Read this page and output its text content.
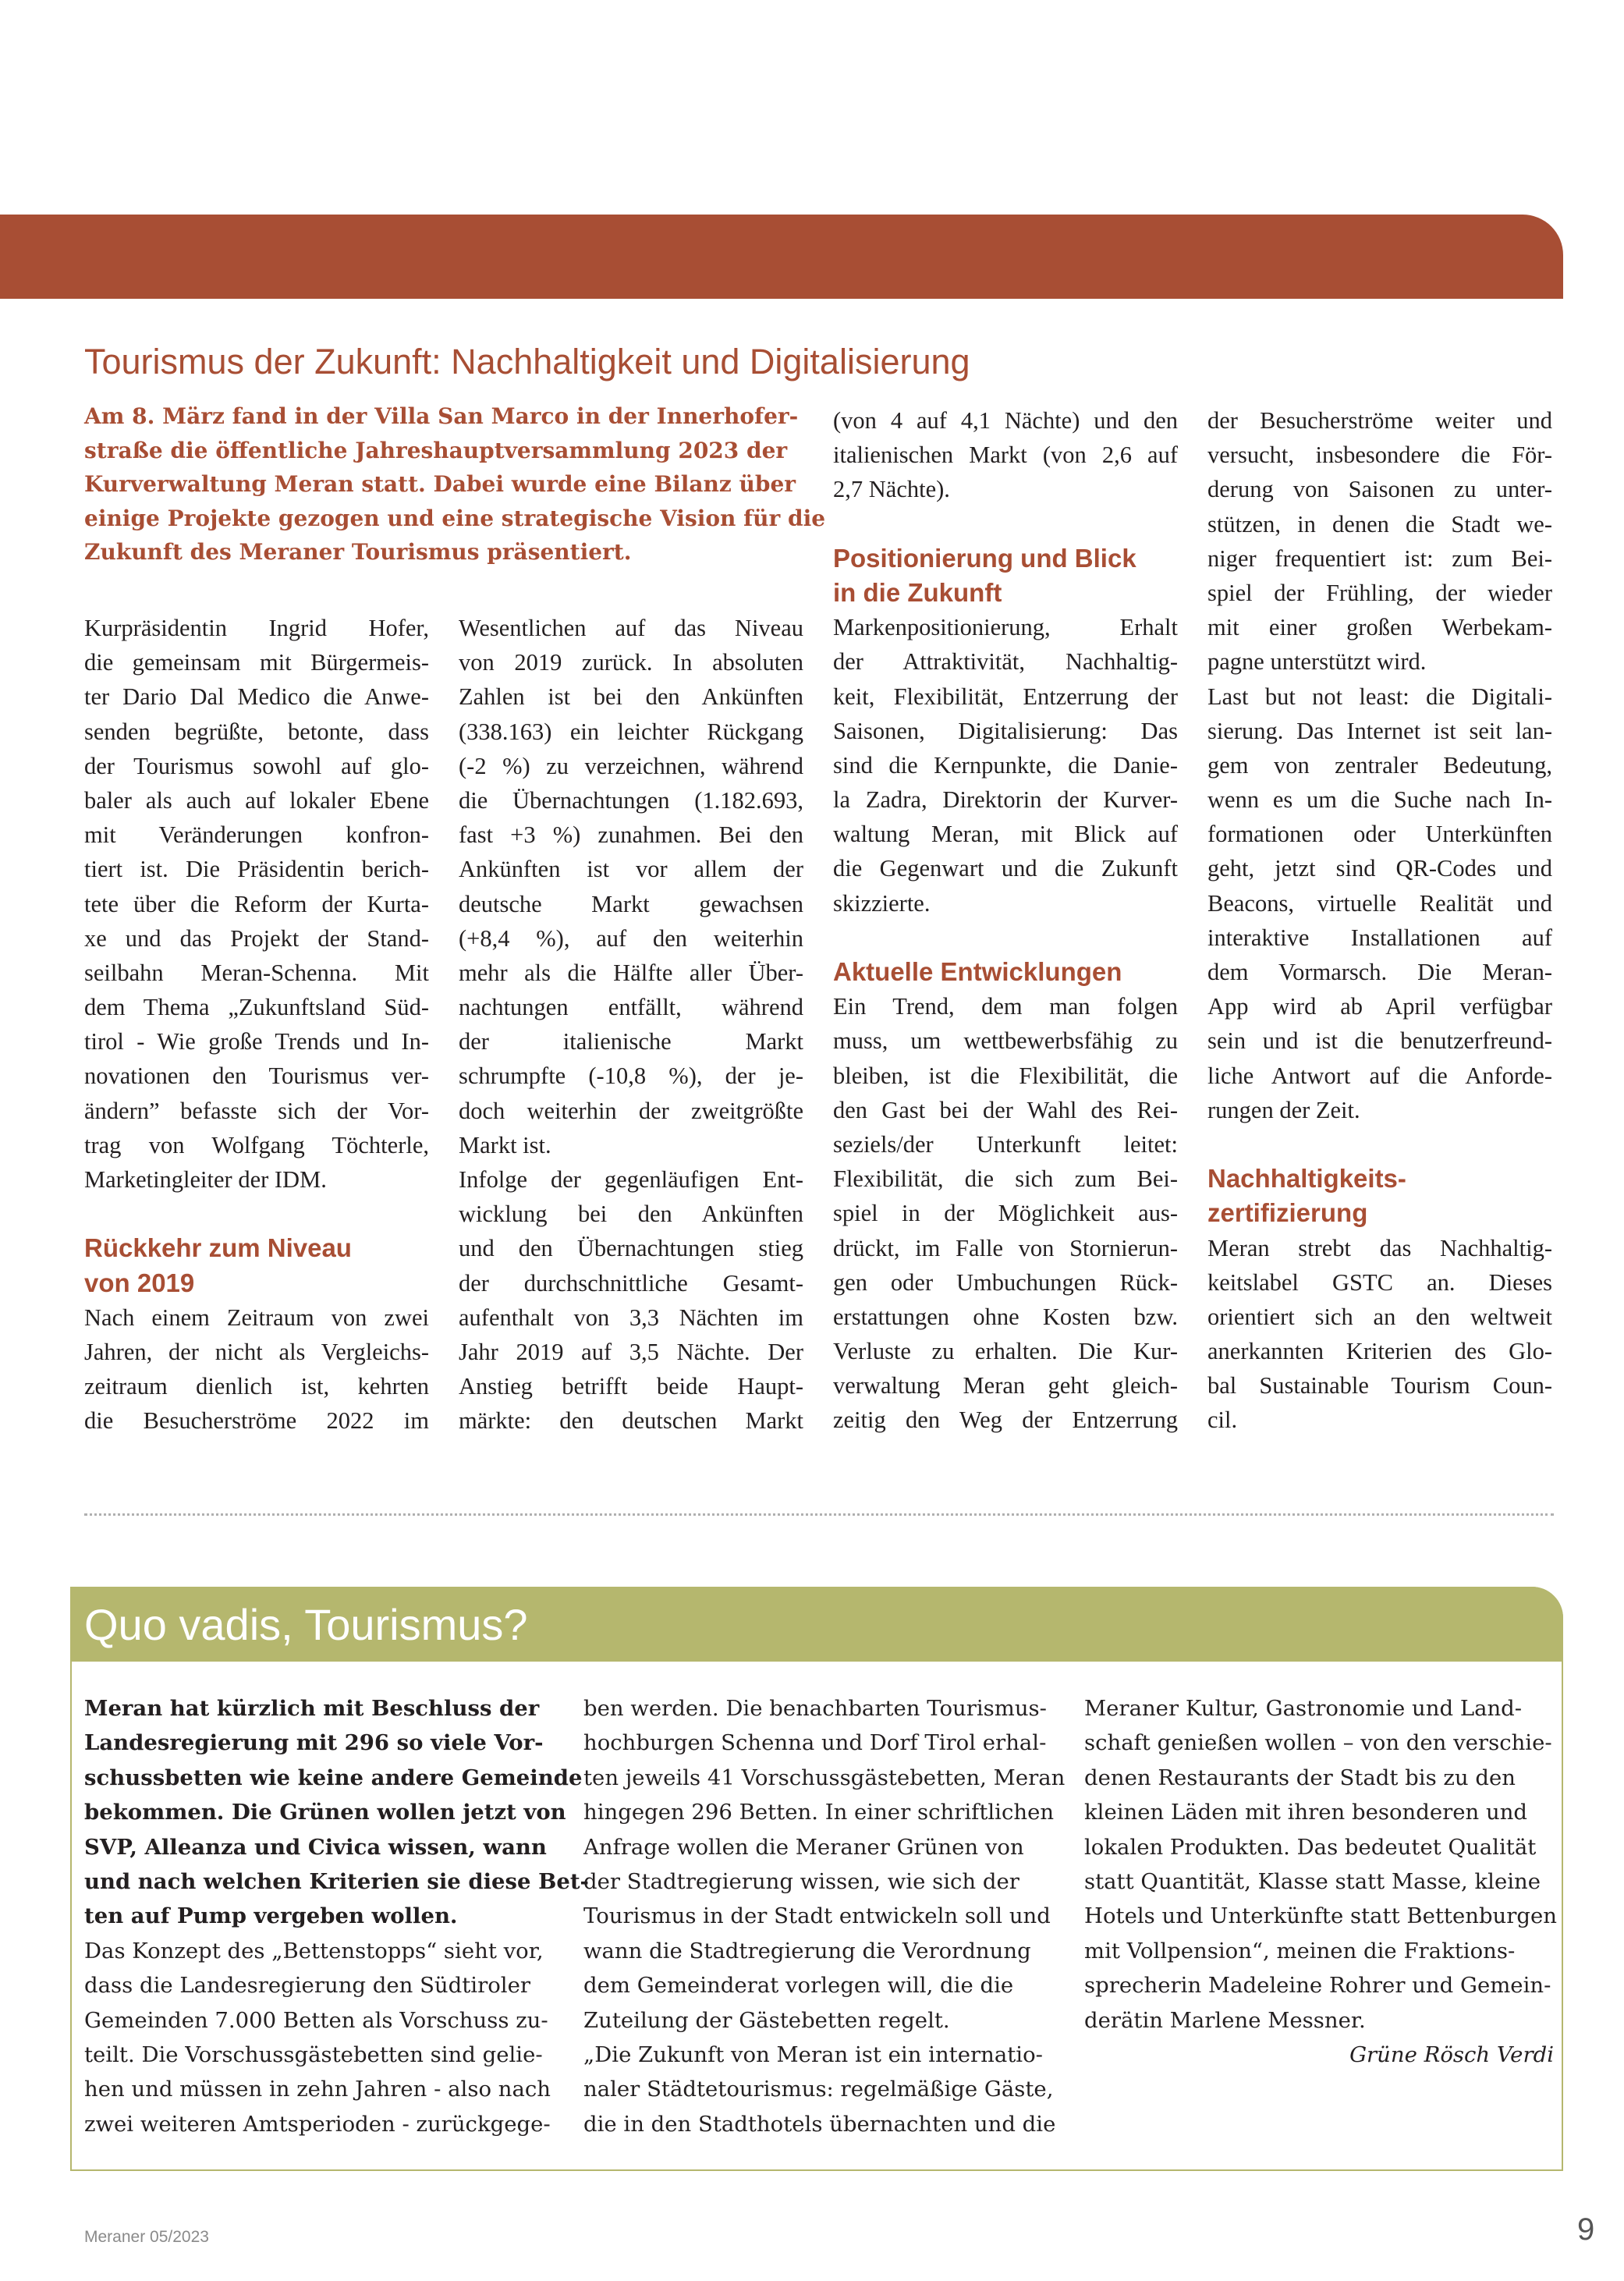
Tourismus der Zukunft: Nachhaltigkeit und Digitalisierung
Am 8. März fand in der Villa San Marco in der Innerhofer-
straße die öffentliche Jahreshauptversammlung 2023 der
Kurverwaltung Meran statt. Dabei wurde eine Bilanz über
einige Projekte gezogen und eine strategische Vision für die
Zukunft des Meraner Tourismus präsentiert.
Kurpräsidentin Ingrid Hofer,
die gemeinsam mit Bürgermeis-
ter Dario Dal Medico die Anwe-
senden begrüßte, betonte, dass
der Tourismus sowohl auf glo-
baler als auch auf lokaler Ebene
mit Veränderungen konfron-
tiert ist. Die Präsidentin berich-
tete über die Reform der Kurta-
xe und das Projekt der Stand-
seilbahn Meran-Schenna. Mit
dem Thema „Zukunftsland Süd-
tirol - Wie große Trends und In-
novationen den Tourismus ver-
ändern” befasste sich der Vor-
trag von Wolfgang Töchterle,
Marketingleiter der IDM.
Rückkehr zum Niveau
von 2019
Nach einem Zeitraum von zwei
Jahren, der nicht als Vergleichs-
zeitraum dienlich ist, kehrten
die Besucherströme 2022 im
Wesentlichen auf das Niveau
von 2019 zurück. In absoluten
Zahlen ist bei den Ankünften
(338.163) ein leichter Rückgang
(-2 %) zu verzeichnen, während
die Übernachtungen (1.182.693,
fast +3 %) zunahmen. Bei den
Ankünften ist vor allem der
deutsche Markt gewachsen
(+8,4 %), auf den weiterhin
mehr als die Hälfte aller Über-
nachtungen entfällt, während
der italienische Markt
schrumpfte (-10,8 %), der je-
doch weiterhin der zweitgrößte
Markt ist.
Infolge der gegenläufigen Ent-
wicklung bei den Ankünften
und den Übernachtungen stieg
der durchschnittliche Gesamt-
aufenthalt von 3,3 Nächten im
Jahr 2019 auf 3,5 Nächte. Der
Anstieg betrifft beide Haupt-
märkte: den deutschen Markt
(von 4 auf 4,1 Nächte) und den
italienischen Markt (von 2,6 auf
2,7 Nächte).
Positionierung und Blick
in die Zukunft
Markenpositionierung, Erhalt
der Attraktivität, Nachhaltig-
keit, Flexibilität, Entzerrung der
Saisonen, Digitalisierung: Das
sind die Kernpunkte, die Danie-
la Zadra, Direktorin der Kurver-
waltung Meran, mit Blick auf
die Gegenwart und die Zukunft
skizzierte.
Aktuelle Entwicklungen
Ein Trend, dem man folgen
muss, um wettbewerbsfähig zu
bleiben, ist die Flexibilität, die
den Gast bei der Wahl des Rei-
seziels/der Unterkunft leitet:
Flexibilität, die sich zum Bei-
spiel in der Möglichkeit aus-
drückt, im Falle von Stornierun-
gen oder Umbuchungen Rück-
erstattungen ohne Kosten bzw.
Verluste zu erhalten. Die Kur-
verwaltung Meran geht gleich-
zeitig den Weg der Entzerrung
der Besucherströme weiter und
versucht, insbesondere die För-
derung von Saisonen zu unter-
stützen, in denen die Stadt we-
niger frequentiert ist: zum Bei-
spiel der Frühling, der wieder
mit einer großen Werbekam-
pagne unterstützt wird.
Last but not least: die Digitali-
sierung. Das Internet ist seit lan-
gem von zentraler Bedeutung,
wenn es um die Suche nach In-
formationen oder Unterkünften
geht, jetzt sind QR-Codes und
Beacons, virtuelle Realität und
interaktive Installationen auf
dem Vormarsch. Die Meran-
App wird ab April verfügbar
sein und ist die benutzerfreund-
liche Antwort auf die Anforde-
rungen der Zeit.
Nachhaltigkeits-
zertifizierung
Meran strebt das Nachhaltig-
keitslabel GSTC an. Dieses
orientiert sich an den weltweit
anerkannten Kriterien des Glo-
bal Sustainable Tourism Coun-
cil.
Quo vadis, Tourismus?
Meran hat kürzlich mit Beschluss der
Landesregierung mit 296 so viele Vor-
schussbetten wie keine andere Gemeinde
bekommen. Die Grünen wollen jetzt von
SVP, Alleanza und Civica wissen, wann
und nach welchen Kriterien sie diese Bet-
ten auf Pump vergeben wollen.
Das Konzept des „Bettenstopps“ sieht vor,
dass die Landesregierung den Südtiroler
Gemeinden 7.000 Betten als Vorschuss zu-
teilt. Die Vorschussgästebetten sind gelie-
hen und müssen in zehn Jahren - also nach
zwei weiteren Amtsperioden - zurückgege-
ben werden. Die benachbarten Tourismus-
hochburgen Schenna und Dorf Tirol erhal-
ten jeweils 41 Vorschussgästebetten, Meran
hingegen 296 Betten. In einer schriftlichen
Anfrage wollen die Meraner Grünen von
der Stadtregierung wissen, wie sich der
Tourismus in der Stadt entwickeln soll und
wann die Stadtregierung die Verordnung
dem Gemeinderat vorlegen will, die die
Zuteilung der Gästebetten regelt.
„Die Zukunft von Meran ist ein internatio-
naler Städtetourismus: regelmäßige Gäste,
die in den Stadthotels übernachten und die
Meraner Kultur, Gastronomie und Land-
schaft genießen wollen – von den verschie-
denen Restaurants der Stadt bis zu den
kleinen Läden mit ihren besonderen und
lokalen Produkten. Das bedeutet Qualität
statt Quantität, Klasse statt Masse, kleine
Hotels und Unterkünfte statt Bettenburgen
mit Vollpension“, meinen die Fraktions-
sprecherin Madeleine Rohrer und Gemein-
derätin Marlene Messner.
Grüne Rösch Verdi
Meraner 05/2023	9
